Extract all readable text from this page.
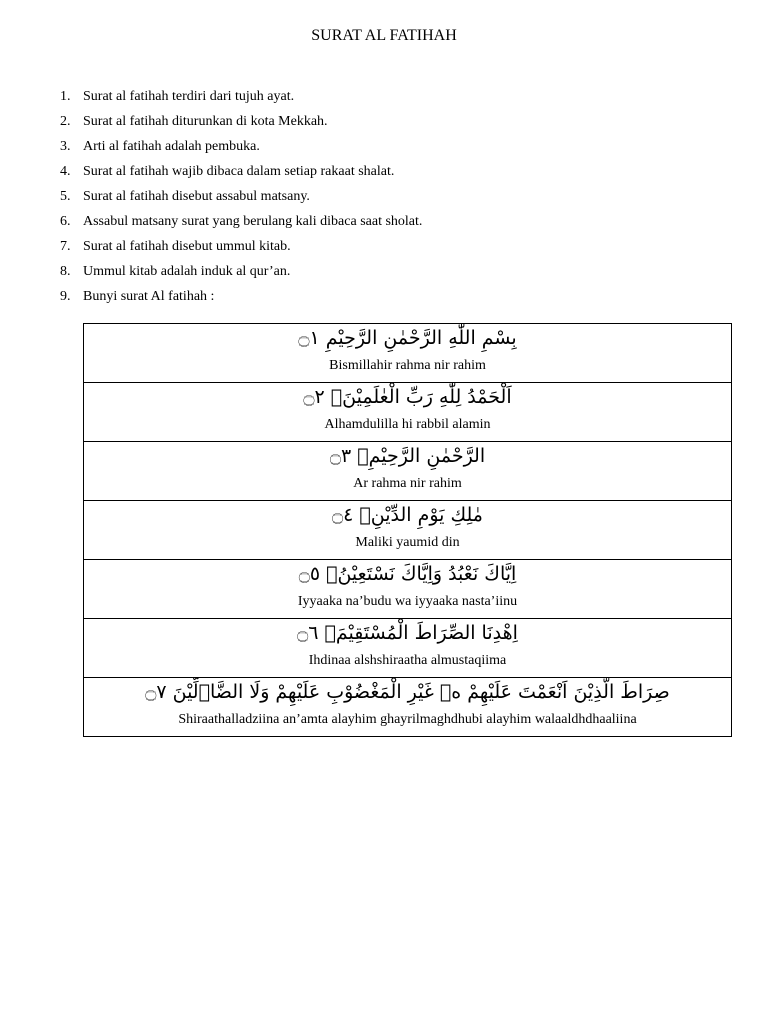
SURAT AL FATIHAH
1. Surat al fatihah terdiri dari tujuh ayat.
2. Surat al fatihah diturunkan di kota Mekkah.
3. Arti al fatihah adalah pembuka.
4. Surat al fatihah wajib dibaca dalam setiap rakaat shalat.
5. Surat al fatihah disebut assabul matsany.
6. Assabul matsany surat yang berulang kali dibaca saat sholat.
7. Surat al fatihah disebut ummul kitab.
8. Ummul kitab adalah induk al qur’an.
9. Bunyi surat Al fatihah :
بِسْمِ اللّٰهِ الرَّحْمٰنِ الرَّحِيْمِ ۝١
Bismillahir rahma nir rahim
اَلْحَمْدُ لِلّٰهِ رَبِّ الْعٰلَمِيْنَۙ ۝٢
Alhamdulilla hi rabbil alamin
الرَّحْمٰنِ الرَّحِيْمِۙ ۝٣
Ar rahma nir rahim
مٰلِكِ يَوْمِ الدِّيْنِۗ ۝٤
Maliki yaumid din
اِيَّاكَ نَعْبُدُ وَاِيَّاكَ نَسْتَعِيْنُۗ ۝٥
Iyyaaka na’budu wa iyyaaka nasta’iinu
اِهْدِنَا الصِّرَاطَ الْمُسْتَقِيْمَۙ ۝٦
Ihdinaa alshshiraatha almustaqiima
صِرَاطَ الَّذِيْنَ اَنْعَمْتَ عَلَيْهِمْ ەۙ غَيْرِ الْمَغْضُوْبِ عَلَيْهِمْ وَلَا الضَّاۤلِّيْنَ ۝٧
Shiraathalladziina an’amta alayhim ghayrilmaghdhubi alayhim walaaldhdhaaliina
